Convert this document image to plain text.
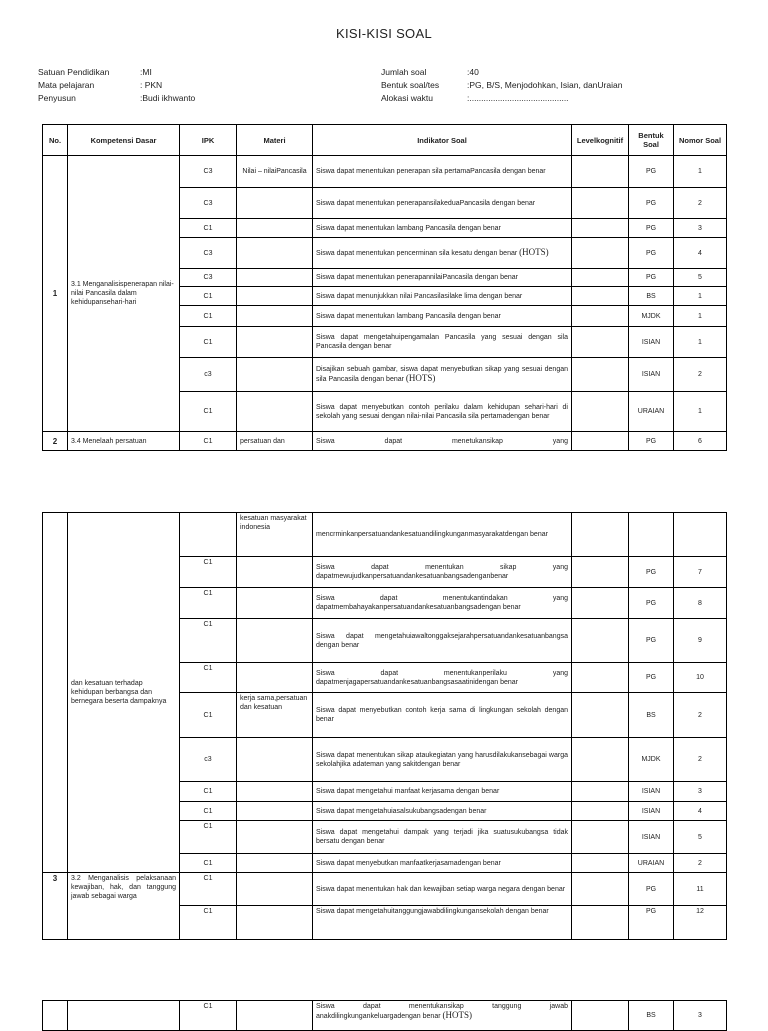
KISI-KISI SOAL
Satuan Pendidikan	:MI
Mata pelajaran	: PKN
Penyusun	:Budi ikhwanto
Jumlah soal	:40
Bentuk soal/tes	:PG, B/S, Menjodohkan, Isian, danUraian
Alokasi waktu	:..........................................
No.	Kompetensi Dasar	IPK	Materi	Indikator Soal	Levelkognitif	Bentuk Soal	Nomor Soal
1	3.1 Menganalisispenerapan nilai-nilai Pancasila dalam kehidupansehari-hari	C3	Nilai – nilaiPancasila	Siswa dapat menentukan penerapan sila pertamaPancasila dengan benar		PG	1
		C3		Siswa dapat menentukan penerapansilakeduaPancasila dengan benar		PG	2
		C1		Siswa dapat menentukan lambang Pancasila dengan benar		PG	3
		C3		Siswa dapat menentukan pencerminan sila kesatu dengan benar (HOTS)		PG	4
		C3		Siswa dapat menentukan penerapannilaiPancasila dengan benar		PG	5
		C1		Siswa dapat menunjukkan nilai Pancasilasilake lima dengan benar		BS	1
		C1		Siswa dapat menentukan lambang Pancasila dengan benar		MJDK	1
		C1		Siswa dapat mengetahuipengamalan Pancasila yang sesuai dengan sila Pancasila dengan benar		ISIAN	1
		c3		Disajikan sebuah gambar, siswa dapat menyebutkan sikap yang sesuai dengan sila Pancasila dengan benar (HOTS)		ISIAN	2
		C1		Siswa dapat menyebutkan contoh perilaku dalam kehidupan sehari-hari di sekolah yang sesuai dengan nilai-nilai Pancasila sila pertamadengan benar		URAIAN	1
2	3.4 Menelaah persatuan	C1	persatuan dan	Siswa dapat menetukansikap yang		PG	6
	dan kesatuan terhadap kehidupan berbangsa dan bernegara beserta dampaknya		kesatuan masyarakat indonesia	mencrminkanpersatuandankesatuandilingkunganmasyarakatdengan benar			
		C1		Siswa dapat menentukan sikap yang dapatmewujudkanpersatuandankesatuanbangsadenganbenar		PG	7
		C1		Siswa dapat menentukantindakan yang dapatmembahayakanpersatuandankesatuanbangsadengan benar		PG	8
		C1		Siswa dapat mengetahuiawaltonggaksejarahpersatuandankesatuanbangsa dengan benar		PG	9
		C1		Siswa dapat menentukanperilaku yang dapatmenjagapersatuandankesatuanbangsasaatinidengan benar		PG	10
		C1	kerja sama,persatuan dan kesatuan	Siswa dapat menyebutkan contoh kerja sama di lingkungan sekolah dengan benar		BS	2
		c3		Siswa dapat menentukan sikap ataukegiatan yang harusdilakukansebagai warga sekolahjika adateman yang sakitdengan benar		MJDK	2
		C1		Siswa dapat mengetahui manfaat kerjasama dengan benar		ISIAN	3
		C1		Siswa dapat mengetahuiasalsukubangsadengan benar		ISIAN	4
		C1		Siswa dapat mengetahui dampak yang terjadi jika suatusukubangsa tidak bersatu dengan benar		ISIAN	5
		C1		Siswa dapat menyebutkan manfaatkerjasamadengan benar		URAIAN	2
3	3.2 Menganalisis pelaksanaan kewajiban, hak, dan tanggung jawab sebagai warga	C1		Siswa dapat menentukan hak dan kewajiban setiap warga negara dengan benar		PG	11
		C1		Siswa dapat mengetahuitanggungjawabdilingkungansekolah dengan benar		PG	12
		C1		Siswa dapat menentukansikap tanggung jawab anakdilingkungankeluargadengan benar (HOTS)		BS	3
